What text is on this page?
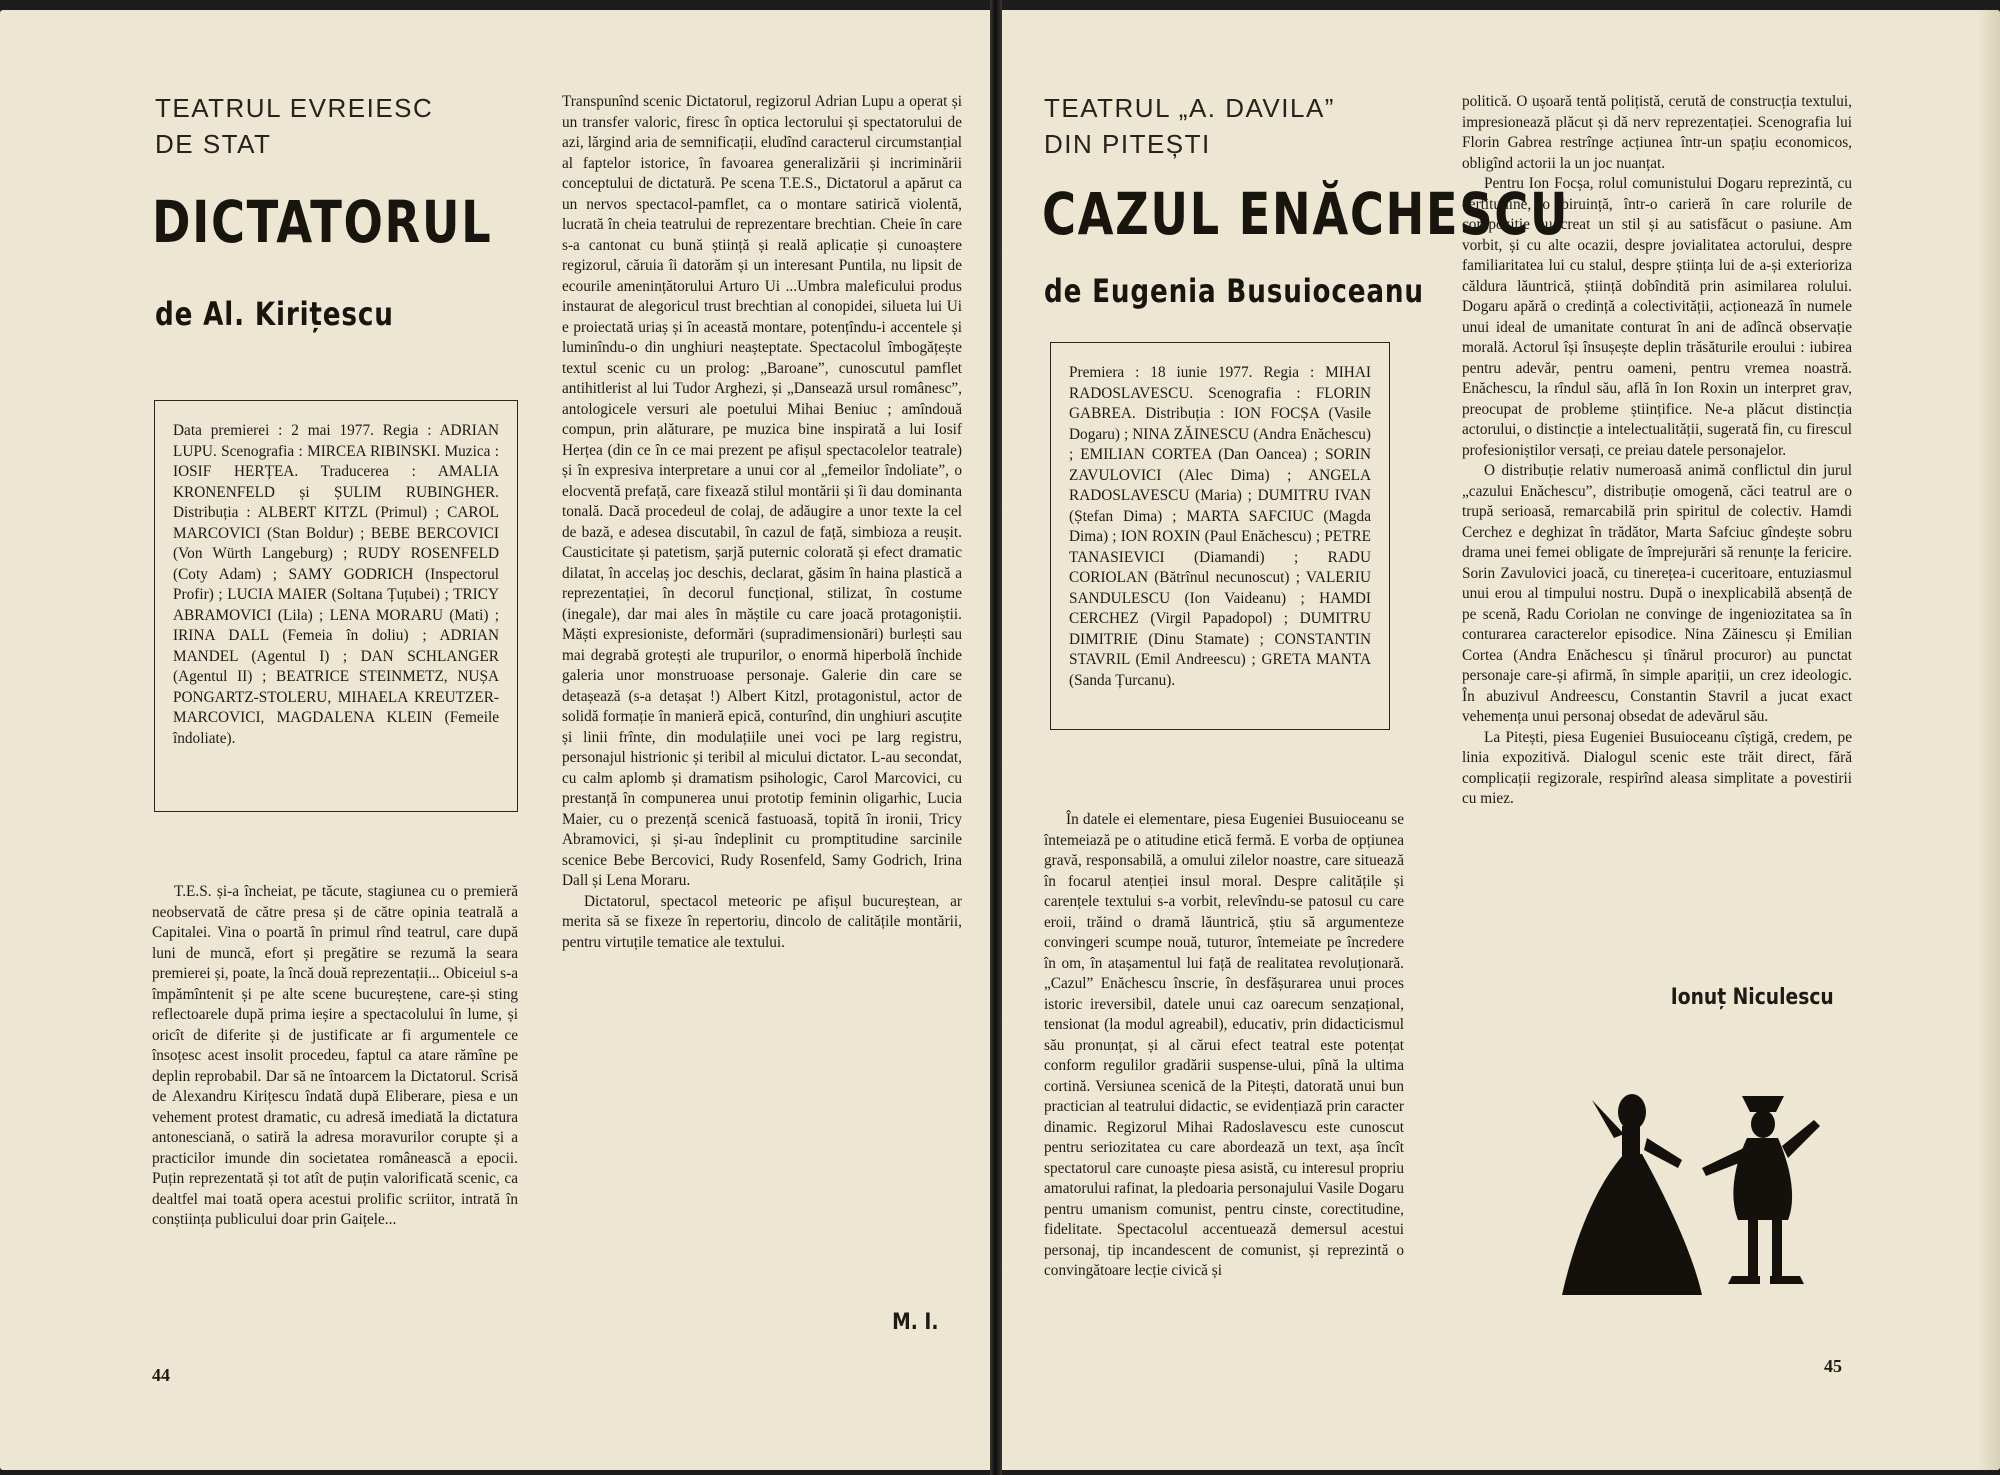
TEATRUL EVREIESC
DE STAT
DICTATORUL
de Al. Kirițescu
Data premierei : 2 mai 1977. Regia : ADRIAN LUPU. Scenografia : MIRCEA RIBINSKI. Muzica : IOSIF HERȚEA. Traducerea : AMALIA KRONENFELD și ȘULIM RUBINGHER. Distribuția : ALBERT KITZL (Primul) ; CAROL MARCOVICI (Stan Boldur) ; BEBE BERCOVICI (Von Würth Langeburg) ; RUDY ROSENFELD (Coty Adam) ; SAMY GODRICH (Inspectorul Profir) ; LUCIA MAIER (Soltana Țuțubei) ; TRICY ABRAMOVICI (Lila) ; LENA MORARU (Mati) ; IRINA DALL (Femeia în doliu) ; ADRIAN MANDEL (Agentul I) ; DAN SCHLANGER (Agentul II) ; BEATRICE STEINMETZ, NUȘA PONGARTZ-STOLERU, MIHAELA KREUTZER-MARCOVICI, MAGDALENA KLEIN (Femeile îndoliate).

T.E.S. și-a încheiat, pe tăcute, stagiunea cu o premieră neobservată de către presa și de către opinia teatrală a Capitalei. Vina o poartă în primul rînd teatrul, care după luni de muncă, efort și pregătire se rezumă la seara premierei și, poate, la încă două reprezentații... Obiceiul s-a împămîntenit și pe alte scene bucureștene, care-și sting reflectoarele după prima ieșire a spectacolului în lume, și oricît de diferite și de justificate ar fi argumentele ce însoțesc acest insolit procedeu, faptul ca atare rămîne pe deplin reprobabil. Dar să ne întoarcem la Dictatorul. Scrisă de Alexandru Kirițescu îndată după Eliberare, piesa e un vehement protest dramatic, cu adresă imediată la dictatura antonesciană, o satiră la adresa moravurilor corupte și a practicilor imunde din societatea românească a epocii. Puțin reprezentată și tot atît de puțin valorificată scenic, ca dealtfel mai toată opera acestui prolific scriitor, intrată în conștiința publicului doar prin Gaițele...

Transpunînd scenic Dictatorul, regizorul Adrian Lupu a operat și un transfer valoric, firesc în optica lectorului și spectatorului de azi, lărgind aria de semnificații, eludînd caracterul circumstanțial al faptelor istorice, în favoarea generalizării și incriminării conceptului de dictatură. Pe scena T.E.S., Dictatorul a apărut ca un nervos spectacol-pamflet, ca o montare satirică violentă, lucrată în cheia teatrului de reprezentare brechtian. Cheie în care s-a cantonat cu bună știință și reală aplicație și cunoaștere regizorul, căruia îi datorăm și un interesant Puntila, nu lipsit de ecourile amenințătorului Arturo Ui ...Umbra maleficului produs instaurat de alegoricul trust brechtian al conopidei, silueta lui Ui e proiectată uriaș și în această montare, potențîndu-i accentele și luminîndu-o din unghiuri neașteptate. Spectacolul îmbogățește textul scenic cu un prolog: „Baroane”, cunoscutul pamflet antihitlerist al lui Tudor Arghezi, și „Dansează ursul românesc”, antologicele versuri ale poetului Mihai Beniuc ; amîndouă compun, prin alăturare, pe muzica bine inspirată a lui Iosif Herțea (din ce în ce mai prezent pe afișul spectacolelor teatrale) și în expresiva interpretare a unui cor al „femeilor îndoliate”, o elocventă prefață, care fixează stilul montării și îi dau dominanta tonală. Dacă procedeul de colaj, de adăugire a unor texte la cel de bază, e adesea discutabil, în cazul de față, simbioza a reușit. Causticitate și patetism, șarjă puternic colorată și efect dramatic dilatat, în accelaș joc deschis, declarat, găsim în haina plastică a reprezentației, în decorul funcțional, stilizat, în costume (inegale), dar mai ales în măștile cu care joacă protagoniștii. Măști expresioniste, deformări (supradimensionări) burlești sau mai degrabă grotești ale trupurilor, o enormă hiperbolă închide galeria unor monstruoase personaje. Galerie din care se detașează (s-a detașat !) Albert Kitzl, protagonistul, actor de solidă formație în manieră epică, conturînd, din unghiuri ascuțite și linii frînte, din modulațiile unei voci pe larg registru, personajul histrionic și teribil al micului dictator. L-au secondat, cu calm aplomb și dramatism psihologic, Carol Marcovici, cu prestanță în compunerea unui prototip feminin oligarhic, Lucia Maier, cu o prezență scenică fastuoasă, topită în ironii, Tricy Abramovici, și și-au îndeplinit cu promptitudine sarcinile scenice Bebe Bercovici, Rudy Rosenfeld, Samy Godrich, Irina Dall și Lena Moraru.

Dictatorul, spectacol meteoric pe afișul bucureștean, ar merita să se fixeze în repertoriu, dincolo de calitățile montării, pentru virtuțile tematice ale textului.

M. I.
44
TEATRUL „A. DAVILA”
DIN PITEȘTI
CAZUL ENĂCHESCU
de Eugenia Busuioceanu
Premiera : 18 iunie 1977. Regia : MIHAI RADOSLAVESCU. Scenografia : FLORIN GABREA. Distribuția : ION FOCȘA (Vasile Dogaru) ; NINA ZĂINESCU (Andra Enăchescu) ; EMILIAN CORTEA (Dan Oancea) ; SORIN ZAVULOVICI (Alec Dima) ; ANGELA RADOSLAVESCU (Maria) ; DUMITRU IVAN (Ștefan Dima) ; MARTA SAFCIUC (Magda Dima) ; ION ROXIN (Paul Enăchescu) ; PETRE TANASIEVICI (Diamandi) ; RADU CORIOLAN (Bătrînul necunoscut) ; VALERIU SANDULESCU (Ion Vaideanu) ; HAMDI CERCHEZ (Virgil Papadopol) ; DUMITRU DIMITRIE (Dinu Stamate) ; CONSTANTIN STAVRIL (Emil Andreescu) ; GRETA MANTA (Sanda Țurcanu).

În datele ei elementare, piesa Eugeniei Busuioceanu se întemeiază pe o atitudine etică fermă. E vorba de opțiunea gravă, responsabilă, a omului zilelor noastre, care situează în focarul atenției insul moral. Despre calitățile și carențele textului s-a vorbit, relevîndu-se patosul cu care eroii, trăind o dramă lăuntrică, știu să argumenteze convingeri scumpe nouă, tuturor, întemeiate pe încredere în om, în atașamentul lui față de realitatea revoluționară. „Cazul” Enăchescu înscrie, în desfășurarea unui proces istoric ireversibil, datele unui caz oarecum senzațional, tensionat (la modul agreabil), educativ, prin didacticismul său pronunțat, și al cărui efect teatral este potențat conform regulilor gradării suspense-ului, pînă la ultima cortină. Versiunea scenică de la Pitești, datorată unui bun practician al teatrului didactic, se evidențiază prin caracter dinamic. Regizorul Mihai Radoslavescu este cunoscut pentru seriozitatea cu care abordează un text, așa încît spectatorul care cunoaște piesa asistă, cu interesul propriu amatorului rafinat, la pledoaria personajului Vasile Dogaru pentru umanism comunist, pentru cinste, corectitudine, fidelitate. Spectacolul accentuează demersul acestui personaj, tip incandescent de comunist, și reprezintă o convingătoare lecție civică și

politică. O ușoară tentă polițistă, cerută de construcția textului, impresionează plăcut și dă nerv reprezentației. Scenografia lui Florin Gabrea restrînge acțiunea într-un spațiu economicos, obligînd actorii la un joc nuanțat.

Pentru Ion Focșa, rolul comunistului Dogaru reprezintă, cu certitudine, o biruință, într-o carieră în care rolurile de compoziție au creat un stil și au satisfăcut o pasiune. Am vorbit, și cu alte ocazii, despre jovialitatea actorului, despre familiaritatea lui cu stalul, despre știința lui de a-și exterioriza căldura lăuntrică, știință dobîndită prin asimilarea rolului. Dogaru apără o credință a colectivității, acționează în numele unui ideal de umanitate conturat în ani de adîncă observație morală. Actorul își însușește deplin trăsăturile eroului : iubirea pentru adevăr, pentru oameni, pentru vremea noastră. Enăchescu, la rîndul său, află în Ion Roxin un interpret grav, preocupat de probleme științifice. Ne-a plăcut distincția actorului, o distincție a intelectualității, sugerată fin, cu firescul profesioniștilor versați, ce preiau datele personajelor.

O distribuție relativ numeroasă animă conflictul din jurul „cazului Enăchescu”, distribuție omogenă, căci teatrul are o trupă serioasă, remarcabilă prin spiritul de colectiv. Hamdi Cerchez e deghizat în trădător, Marta Safciuc gîndește sobru drama unei femei obligate de împrejurări să renunțe la fericire. Sorin Zavulovici joacă, cu tinerețea-i cuceritoare, entuziasmul unui erou al timpului nostru. După o inexplicabilă absență de pe scenă, Radu Coriolan ne convinge de ingeniozitatea sa în conturarea caracterelor episodice. Nina Zăinescu și Emilian Cortea (Andra Enăchescu și tînărul procuror) au punctat personaje care-și afirmă, în simple apariții, un crez ideologic. În abuzivul Andreescu, Constantin Stavril a jucat exact vehemența unui personaj obsedat de adevărul său.

La Pitești, piesa Eugeniei Busuioceanu cîștigă, credem, pe linia expozitivă. Dialogul scenic este trăit direct, fără complicații regizorale, respirînd aleasa simplitate a povestirii cu miez.

Ionuț Niculescu
45
